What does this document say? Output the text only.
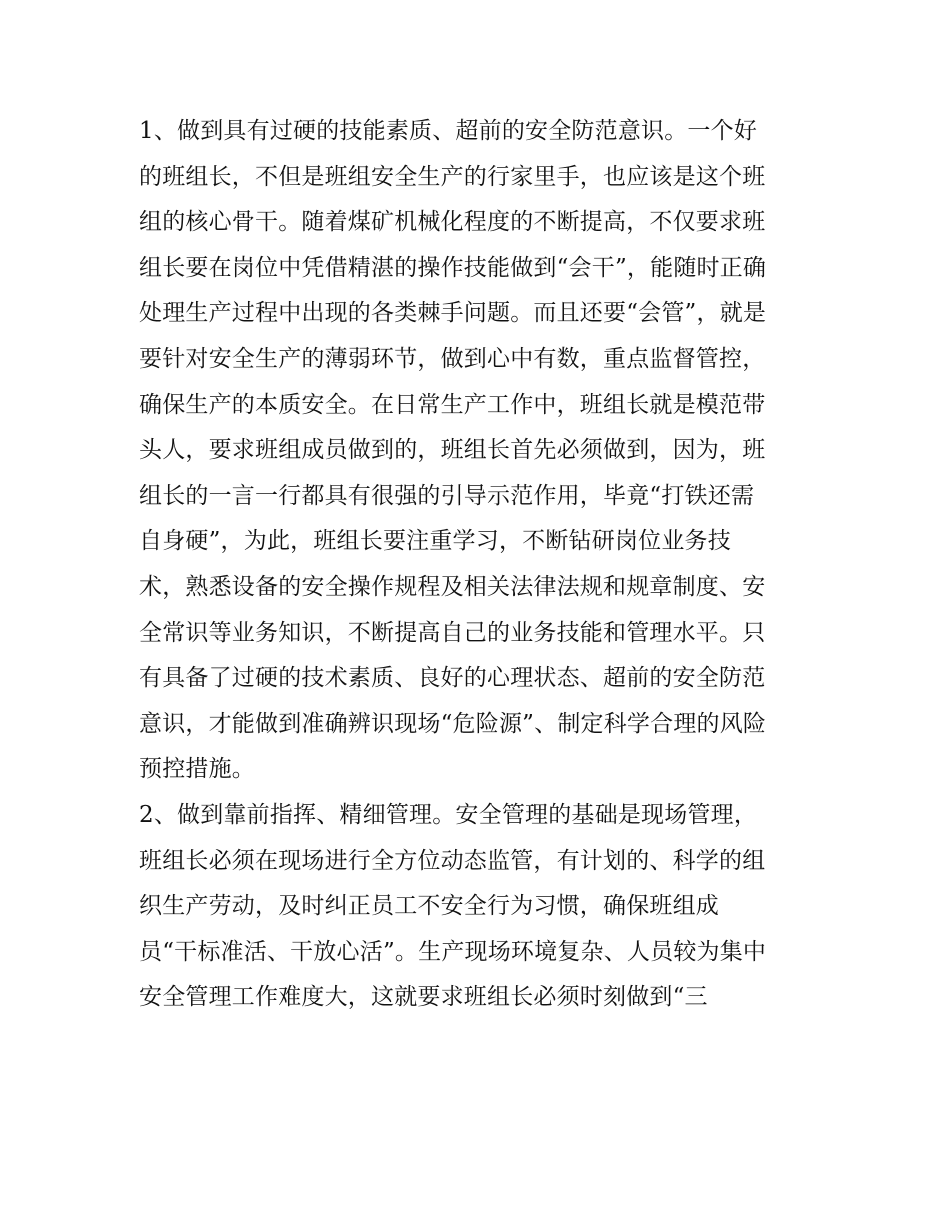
1、做到具有过硬的技能素质、超前的安全防范意识。一个好
的班组长，不但是班组安全生产的行家里手，也应该是这个班
组的核心骨干。随着煤矿机械化程度的不断提高，不仅要求班
组长要在岗位中凭借精湛的操作技能做到“会干”，能随时正确
处理生产过程中出现的各类棘手问题。而且还要“会管”，就是
要针对安全生产的薄弱环节，做到心中有数，重点监督管控，
确保生产的本质安全。在日常生产工作中，班组长就是模范带
头人，要求班组成员做到的，班组长首先必须做到，因为，班
组长的一言一行都具有很强的引导示范作用，毕竟“打铁还需
自身硬”，为此，班组长要注重学习，不断钻研岗位业务技
术，熟悉设备的安全操作规程及相关法律法规和规章制度、安
全常识等业务知识，不断提高自己的业务技能和管理水平。只
有具备了过硬的技术素质、良好的心理状态、超前的安全防范
意识，才能做到准确辨识现场“危险源”、制定科学合理的风险
预控措施。
2、做到靠前指挥、精细管理。安全管理的基础是现场管理，
班组长必须在现场进行全方位动态监管，有计划的、科学的组
织生产劳动，及时纠正员工不安全行为习惯，确保班组成
员“干标准活、干放心活”。生产现场环境复杂、人员较为集中
安全管理工作难度大，这就要求班组长必须时刻做到“三
